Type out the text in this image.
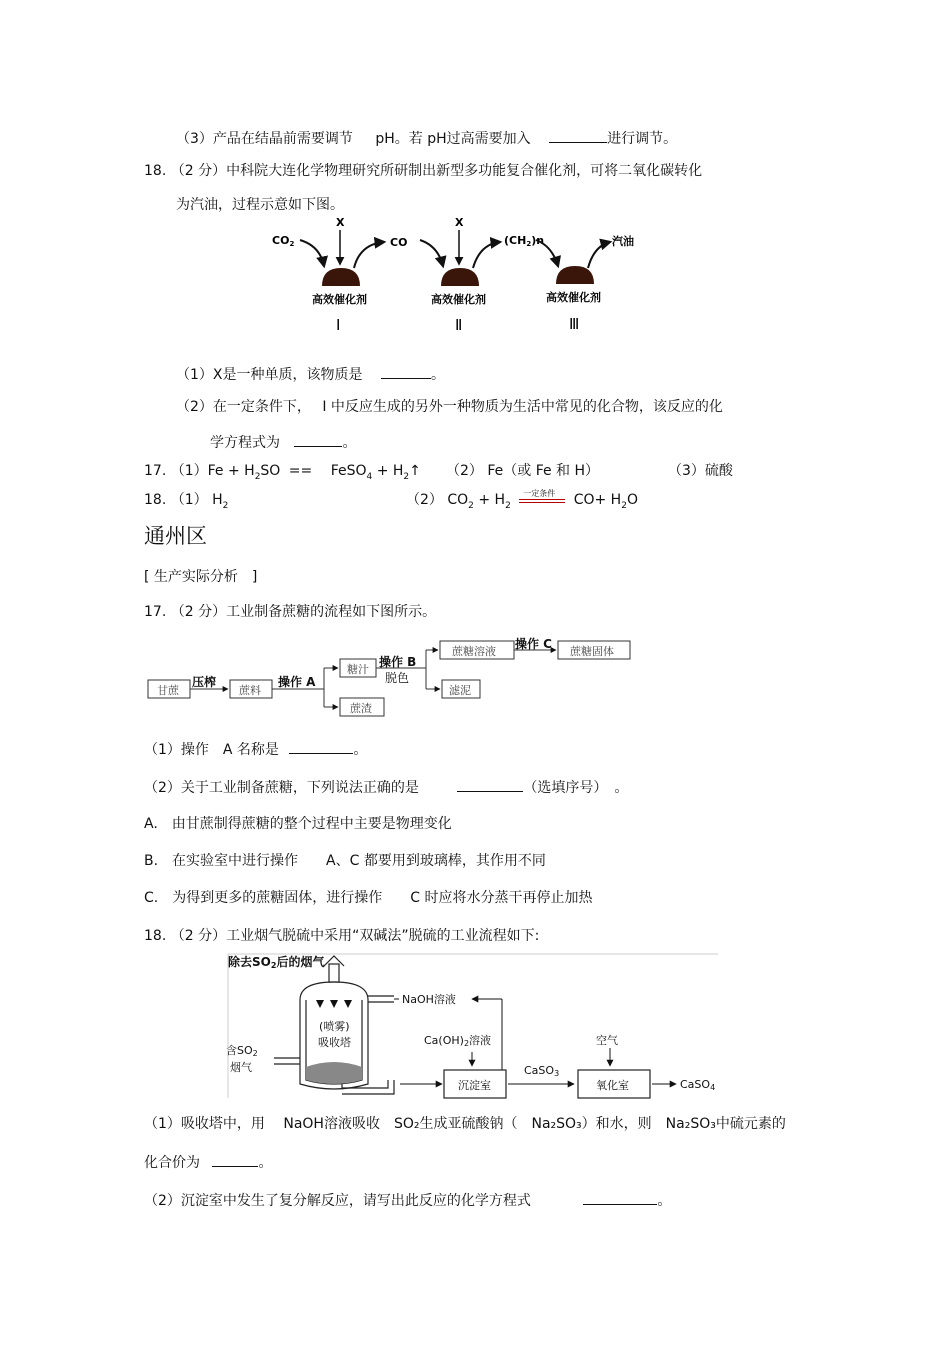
（3）产品在结晶前需要调节 pH。若 pH过高需要加入	进行调节。
18. （2 分）中科院大连化学物理研究所研制出新型多功能复合催化剂，可将二氧化碳转化
为汽油，过程示意如下图。
CO2
X
CO
X
(CH2)n	汽油
高效催化剂	高效催化剂	高效催化剂
Ⅰ	Ⅱ	Ⅲ
（1）X是一种单质，该物质是	。
（2）在一定条件下，　 I 中反应生成的另外一种物质为生活中常见的化合物，该反应的化
学方程式为	。
17. $(1)Fe + H_2SO$ ==　 FeSO$_4$ + $H_2↑$ （2） Fe（或 Fe 和 H）	（3）硫酸
18. （1） $H_2$	（2） $CO_2 + H_2$
一定条件 $CO+ H_2O$
通州区
[ 生产实际分析　]
17. （2 分）工业制备蔗糖的流程如下图所示。
甘蔗	蔗料
糖汁
蔗渣
蔗糖溶液	蔗糖固体
滤泥
压榨	操作 A
操作 B
脱色
操作 C
（1）操作　A 名称是	。
（2）关于工业制备蔗糖，下列说法正确的是	（选填序号）　。
A.　由甘蔗制得蔗糖的整个过程中主要是物理变化
B.　在实验室中进行操作　　A、C 都要用到玻璃棒，其作用不同
C.　为得到更多的蔗糖固体，进行操作　　C 时应将水分蒸干再停止加热
18. （2 分）工业烟气脱硫中采用“双碱法”脱硫的工业流程如下:
除去SO2后的烟气
NaOH溶液
(喷雾)
吸收塔
含SO2
烟气
Ca(OH)2溶液	空气
沉淀室
CaSO3
氧化室	CaSO4
（1）吸收塔中，用　 NaOH溶液吸收　SO₂生成亚硫酸钠（　Na₂SO₃）和水，则　Na₂SO₃中硫元素的
化合价为	。
（2）沉淀室中发生了复分解反应，请写出此反应的化学方程式	。
